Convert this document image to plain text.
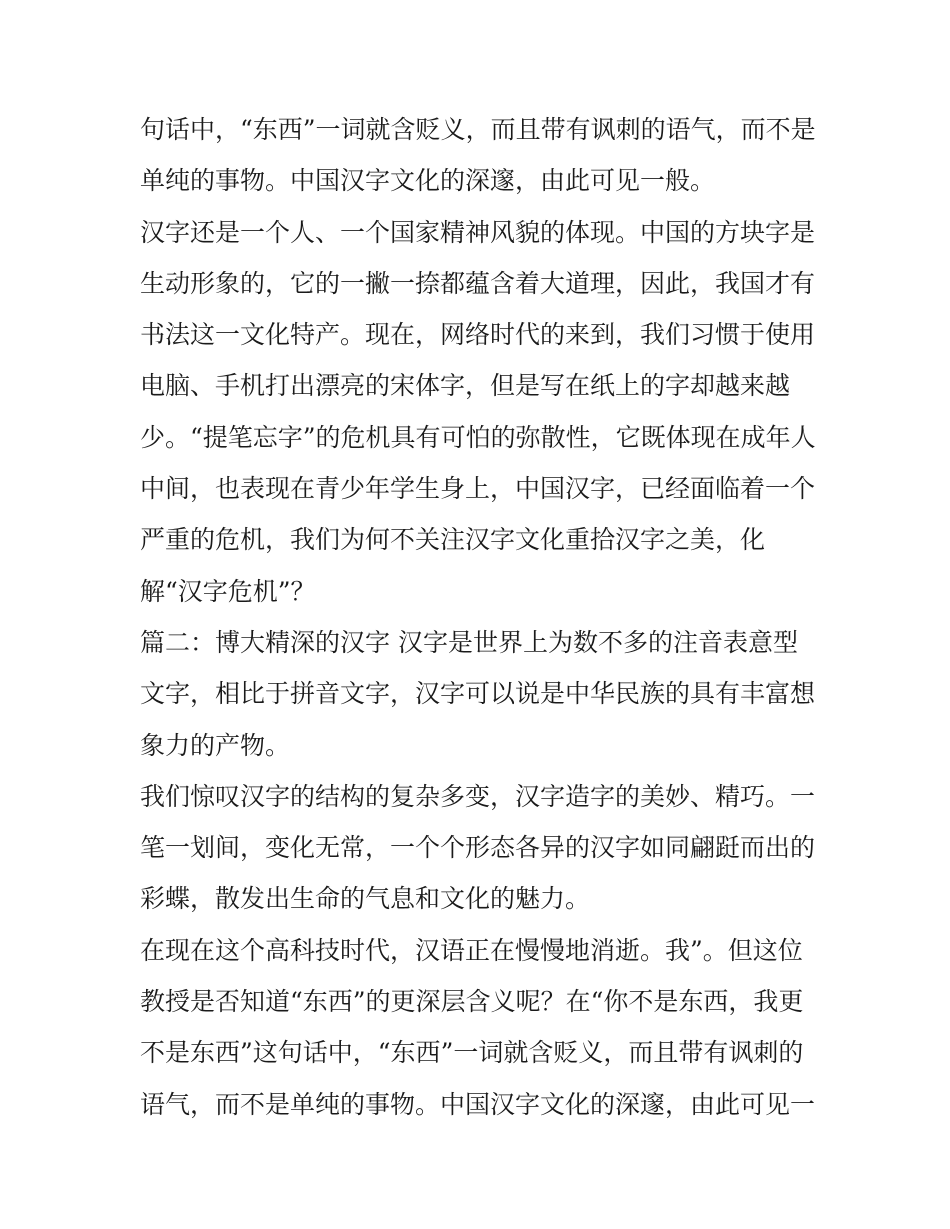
句话中，“东西”一词就含贬义，而且带有讽刺的语气，而不是
单纯的事物。中国汉字文化的深邃，由此可见一般。
汉字还是一个人、一个国家精神风貌的体现。中国的方块字是
生动形象的，它的一撇一捺都蕴含着大道理，因此，我国才有
书法这一文化特产。现在，网络时代的来到，我们习惯于使用
电脑、手机打出漂亮的宋体字，但是写在纸上的字却越来越
少。“提笔忘字”的危机具有可怕的弥散性，它既体现在成年人
中间，也表现在青少年学生身上，中国汉字，已经面临着一个
严重的危机，我们为何不关注汉字文化重拾汉字之美，化
解“汉字危机”？
篇二：博大精深的汉字 汉字是世界上为数不多的注音表意型
文字，相比于拼音文字，汉字可以说是中华民族的具有丰富想
象力的产物。
我们惊叹汉字的结构的复杂多变，汉字造字的美妙、精巧。一
笔一划间，变化无常，一个个形态各异的汉字如同翩跹而出的
彩蝶，散发出生命的气息和文化的魅力。
在现在这个高科技时代，汉语正在慢慢地消逝。我”。但这位
教授是否知道“东西”的更深层含义呢？在“你不是东西，我更
不是东西”这句话中，“东西”一词就含贬义，而且带有讽刺的
语气，而不是单纯的事物。中国汉字文化的深邃，由此可见一
